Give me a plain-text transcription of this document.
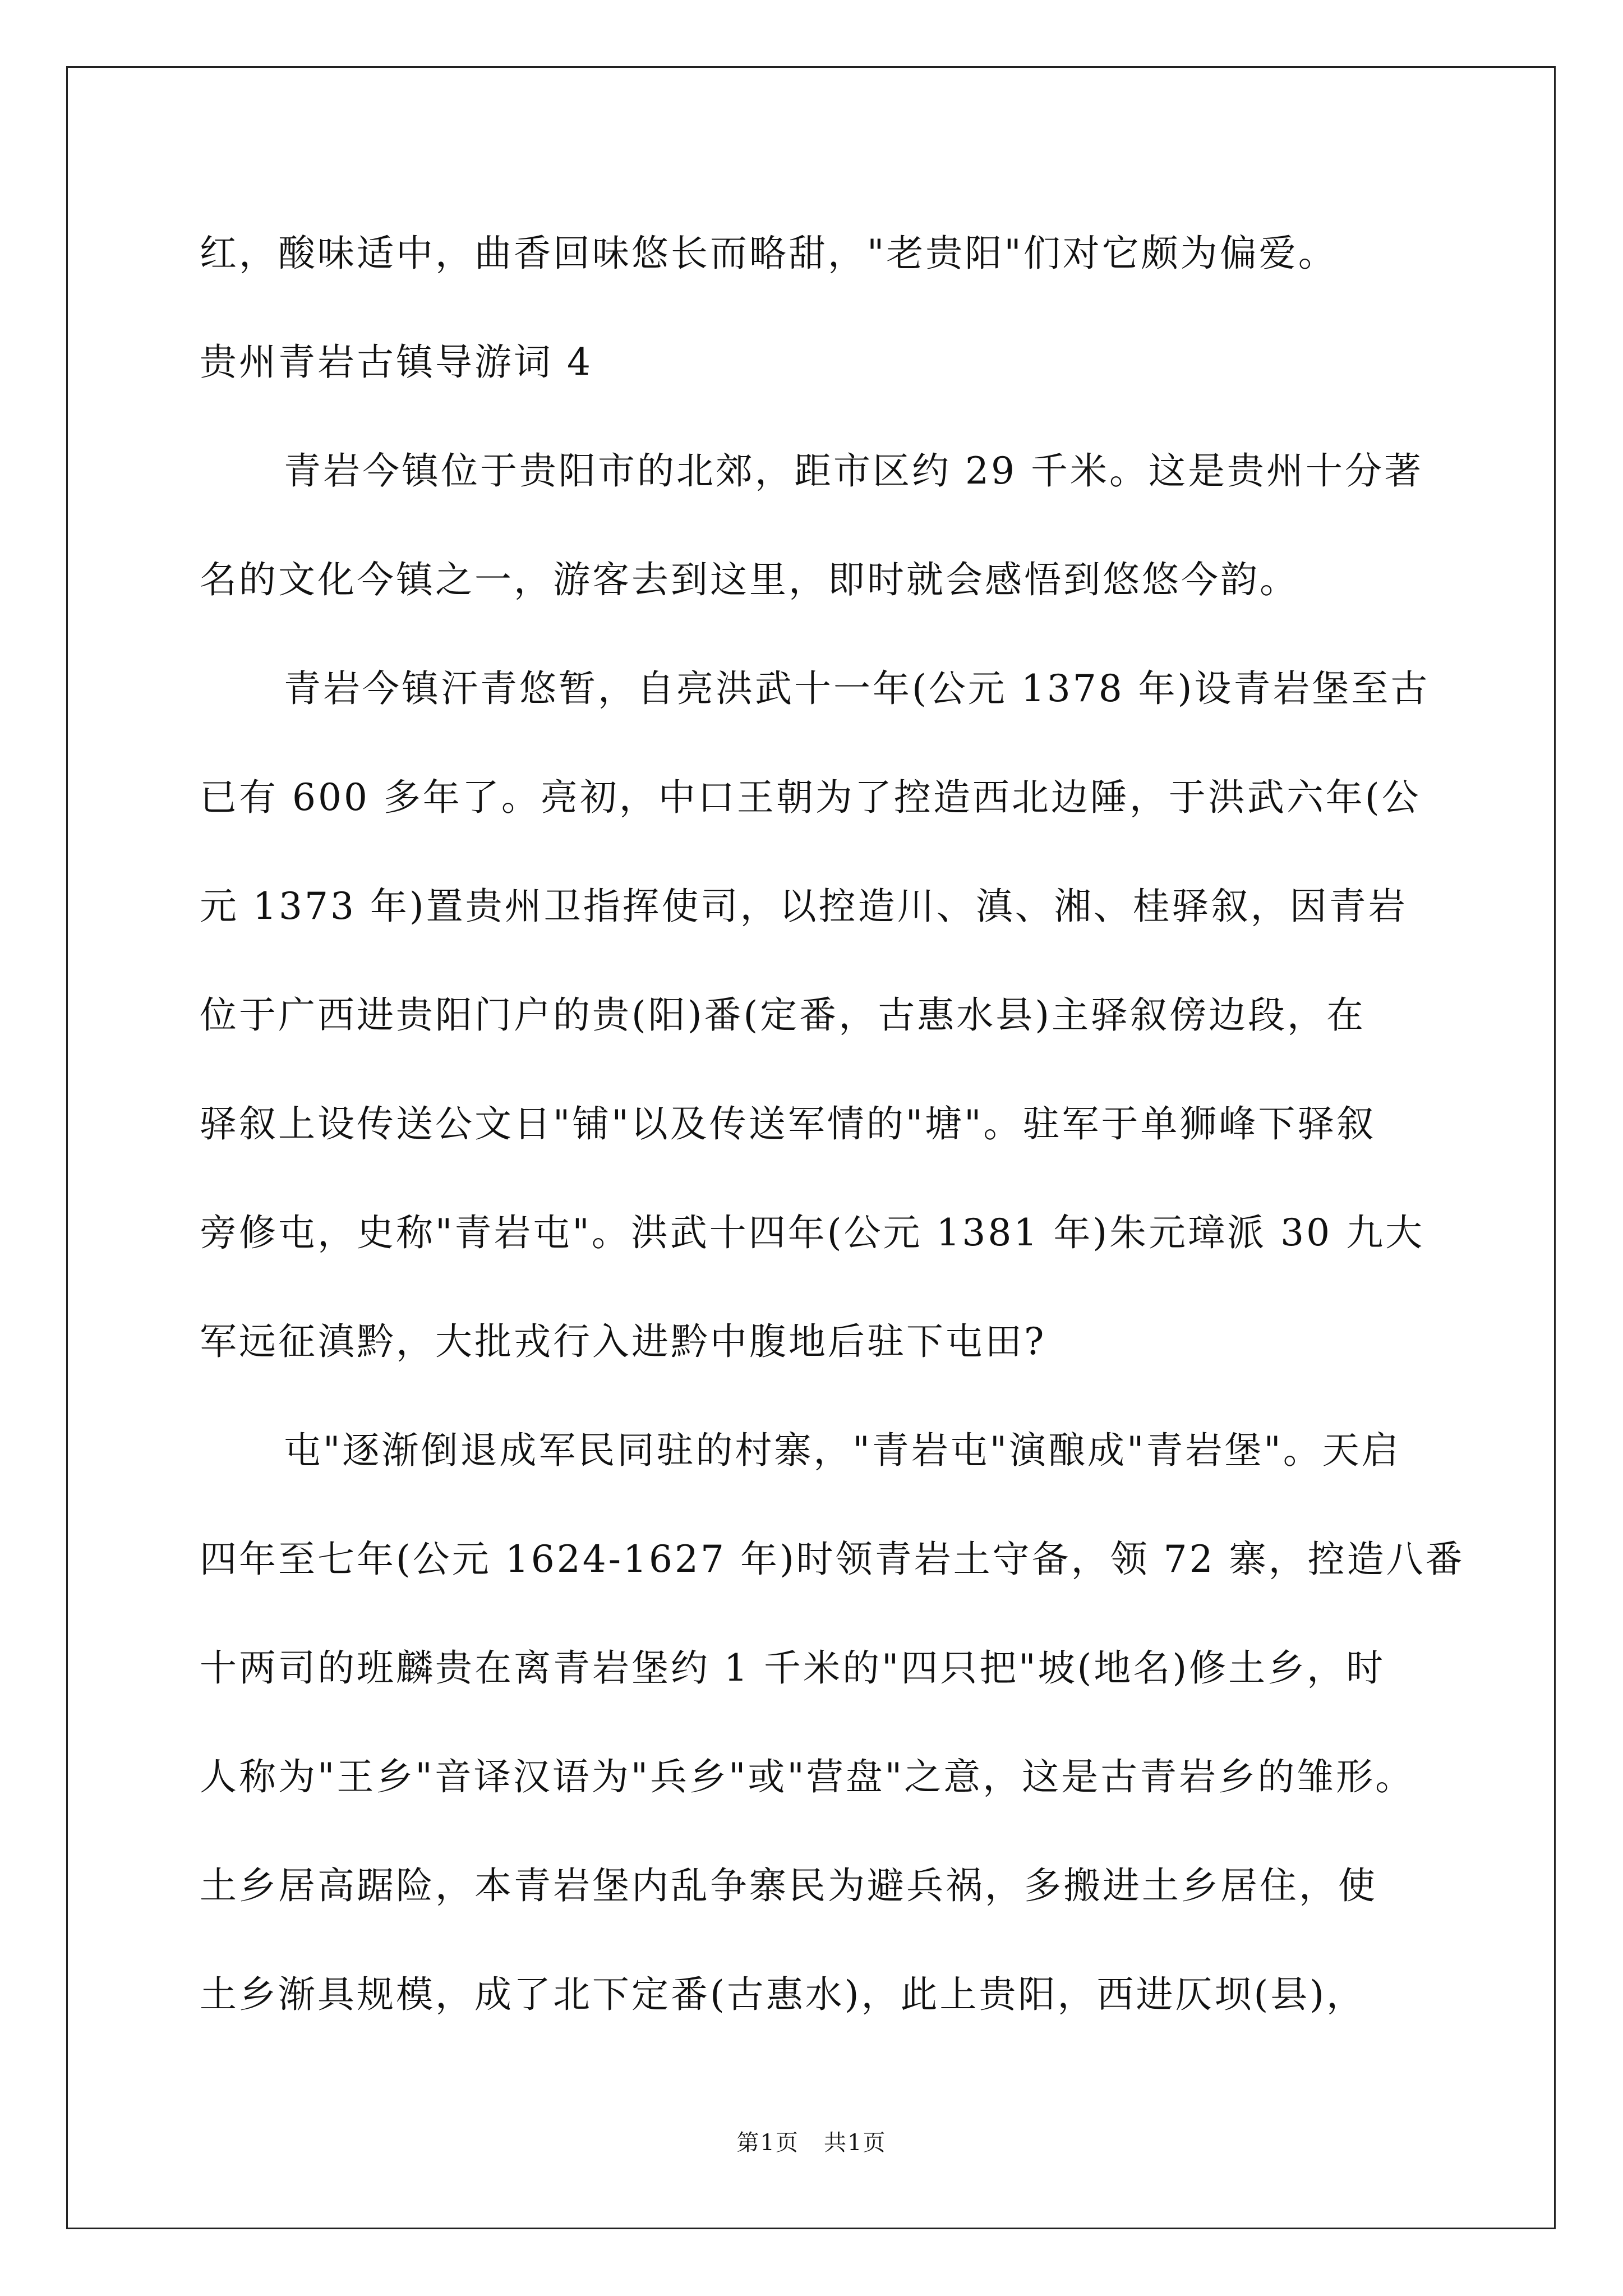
红，酸味适中，曲香回味悠长而略甜，"老贵阳"们对它颇为偏爱。
贵州青岩古镇导游词 4
青岩今镇位于贵阳市的北郊，距市区约 29 千米。这是贵州十分著
名的文化今镇之一，游客去到这里，即时就会感悟到悠悠今韵。
青岩今镇汗青悠暂，自亮洪武十一年(公元 1378 年)设青岩堡至古
已有 600 多年了。亮初，中口王朝为了控造西北边陲，于洪武六年(公
元 1373 年)置贵州卫指挥使司，以控造川、滇、湘、桂驿叙，因青岩
位于广西进贵阳门户的贵(阳)番(定番，古惠水县)主驿叙傍边段，在
驿叙上设传送公文日"铺"以及传送军情的"塘"。驻军于单狮峰下驿叙
旁修屯，史称"青岩屯"。洪武十四年(公元 1381 年)朱元璋派 30 九大
军远征滇黔，大批戎行入进黔中腹地后驻下屯田?
屯"逐渐倒退成军民同驻的村寨，"青岩屯"演酿成"青岩堡"。天启
四年至七年(公元 1624-1627 年)时领青岩土守备，领 72 寨，控造八番
十两司的班麟贵在离青岩堡约 1 千米的"四只把"坡(地名)修土乡，时
人称为"王乡"音译汉语为"兵乡"或"营盘"之意，这是古青岩乡的雏形。
土乡居高踞险，本青岩堡内乱争寨民为避兵祸，多搬进土乡居住，使
土乡渐具规模，成了北下定番(古惠水)，此上贵阳，西进仄坝(县)，
第1页   共1页
